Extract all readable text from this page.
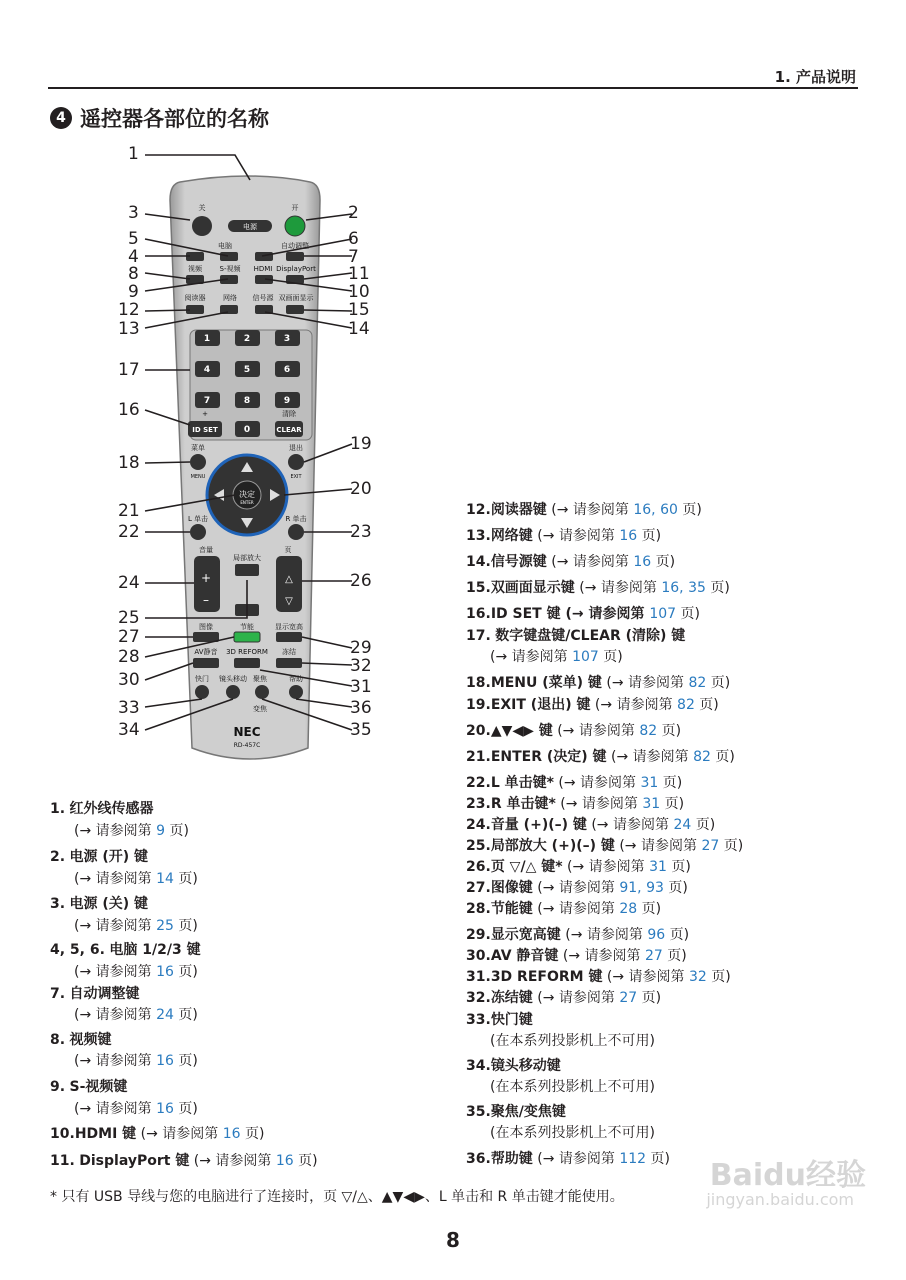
1. 产品说明
4 遥控器各部位的名称
关	开
电源
电脑	自动调整
视频	S-视频 HDMI DisplayPort
阅读器	网络 信号源 双画面显示
1	2	3
4	5	6
7	8	9
ID SET	0	CLEAR
+	清除
菜单	退出
MENU	EXIT
决定
ENTER
L 单击	R 单击
音量	页
局部放大
+
–
△
▽
图像	节能	显示宽高
AV静音 3D REFORM 冻结
快门 镜头移动 聚焦	帮助
变焦
NEC
RD-457C
1
2
3
4
5	6
7
8
9	10
11
12
13	14
15
16
17
18
19
20
21
22	23
24
25
26
27
28	29
30	31
32
33
34	35
36
1. 红外线传感器
(→ 请参阅第 9 页)
2. 电源 (开) 键
(→ 请参阅第 14 页)
3. 电源 (关) 键
(→ 请参阅第 25 页)
4, 5, 6. 电脑 1/2/3 键
(→ 请参阅第 16 页)
7. 自动调整键
(→ 请参阅第 24 页)
8. 视频键
(→ 请参阅第 16 页)
9. S-视频键
(→ 请参阅第 16 页)
10.HDMI 键 (→ 请参阅第 16 页)
11. DisplayPort 键 (→ 请参阅第 16 页)
12.阅读器键 (→ 请参阅第 16, 60 页)
13.网络键 (→ 请参阅第 16 页)
14.信号源键 (→ 请参阅第 16 页)
15.双画面显示键 (→ 请参阅第 16, 35 页)
16.ID SET 键 (→ 请参阅第 107 页)
17. 数字键盘键/CLEAR (清除) 键
(→ 请参阅第 107 页)
18.MENU (菜单) 键 (→ 请参阅第 82 页)
19.EXIT (退出) 键 (→ 请参阅第 82 页)
20.▲▼◀▶ 键 (→ 请参阅第 82 页)
21.ENTER (决定) 键 (→ 请参阅第 82 页)
22.L 单击键* (→ 请参阅第 31 页)
23.R 单击键* (→ 请参阅第 31 页)
24.音量 (+)(–) 键 (→ 请参阅第 24 页)
25.局部放大 (+)(–) 键 (→ 请参阅第 27 页)
26.页 ▽/△ 键* (→ 请参阅第 31 页)
27.图像键 (→ 请参阅第 91, 93 页)
28.节能键 (→ 请参阅第 28 页)
29.显示宽高键 (→ 请参阅第 96 页)
30.AV 静音键 (→ 请参阅第 27 页)
31.3D REFORM 键 (→ 请参阅第 32 页)
32.冻结键 (→ 请参阅第 27 页)
33.快门键
(在本系列投影机上不可用)
34.镜头移动键
(在本系列投影机上不可用)
35.聚焦/变焦键
(在本系列投影机上不可用)
36.帮助键 (→ 请参阅第 112 页)
* 只有 USB 导线与您的电脑进行了连接时，页 ▽/△、▲▼◀▶、L 单击和 R 单击键才能使用。
8
Baidu经验
jingyan.baidu.com
